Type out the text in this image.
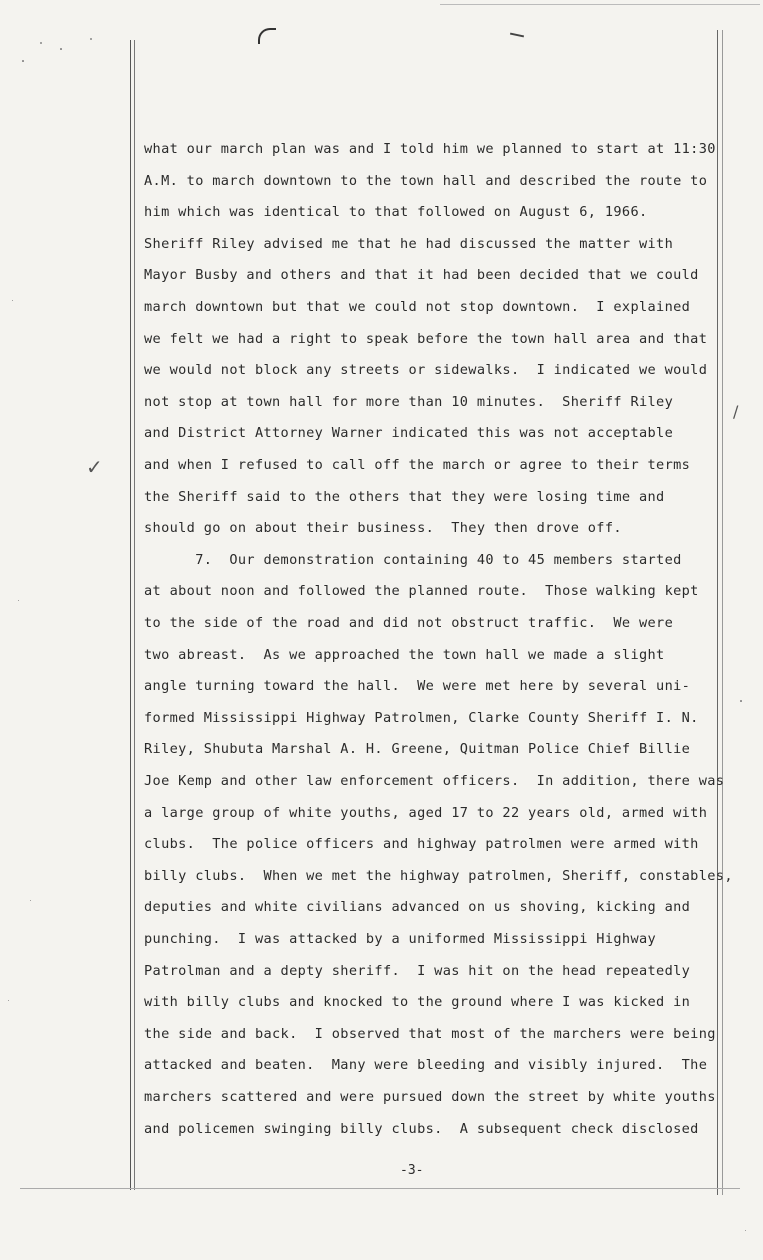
✓
/
what our march plan was and I told him we planned to start at 11:30
A.M. to march downtown to the town hall and described the route to
him which was identical to that followed on August 6, 1966.
Sheriff Riley advised me that he had discussed the matter with
Mayor Busby and others and that it had been decided that we could
march downtown but that we could not stop downtown.  I explained
we felt we had a right to speak before the town hall area and that
we would not block any streets or sidewalks.  I indicated we would
not stop at town hall for more than 10 minutes.  Sheriff Riley
and District Attorney Warner indicated this was not acceptable
and when I refused to call off the march or agree to their terms
the Sheriff said to the others that they were losing time and
should go on about their business.  They then drove off.
7.  Our demonstration containing 40 to 45 members started
at about noon and followed the planned route.  Those walking kept
to the side of the road and did not obstruct traffic.  We were
two abreast.  As we approached the town hall we made a slight
angle turning toward the hall.  We were met here by several uni-
formed Mississippi Highway Patrolmen, Clarke County Sheriff I. N.
Riley, Shubuta Marshal A. H. Greene, Quitman Police Chief Billie
Joe Kemp and other law enforcement officers.  In addition, there was
a large group of white youths, aged 17 to 22 years old, armed with
clubs.  The police officers and highway patrolmen were armed with
billy clubs.  When we met the highway patrolmen, Sheriff, constables,
deputies and white civilians advanced on us shoving, kicking and
punching.  I was attacked by a uniformed Mississippi Highway
Patrolman and a depty sheriff.  I was hit on the head repeatedly
with billy clubs and knocked to the ground where I was kicked in
the side and back.  I observed that most of the marchers were being
attacked and beaten.  Many were bleeding and visibly injured.  The
marchers scattered and were pursued down the street by white youths
and policemen swinging billy clubs.  A subsequent check disclosed
-3-
